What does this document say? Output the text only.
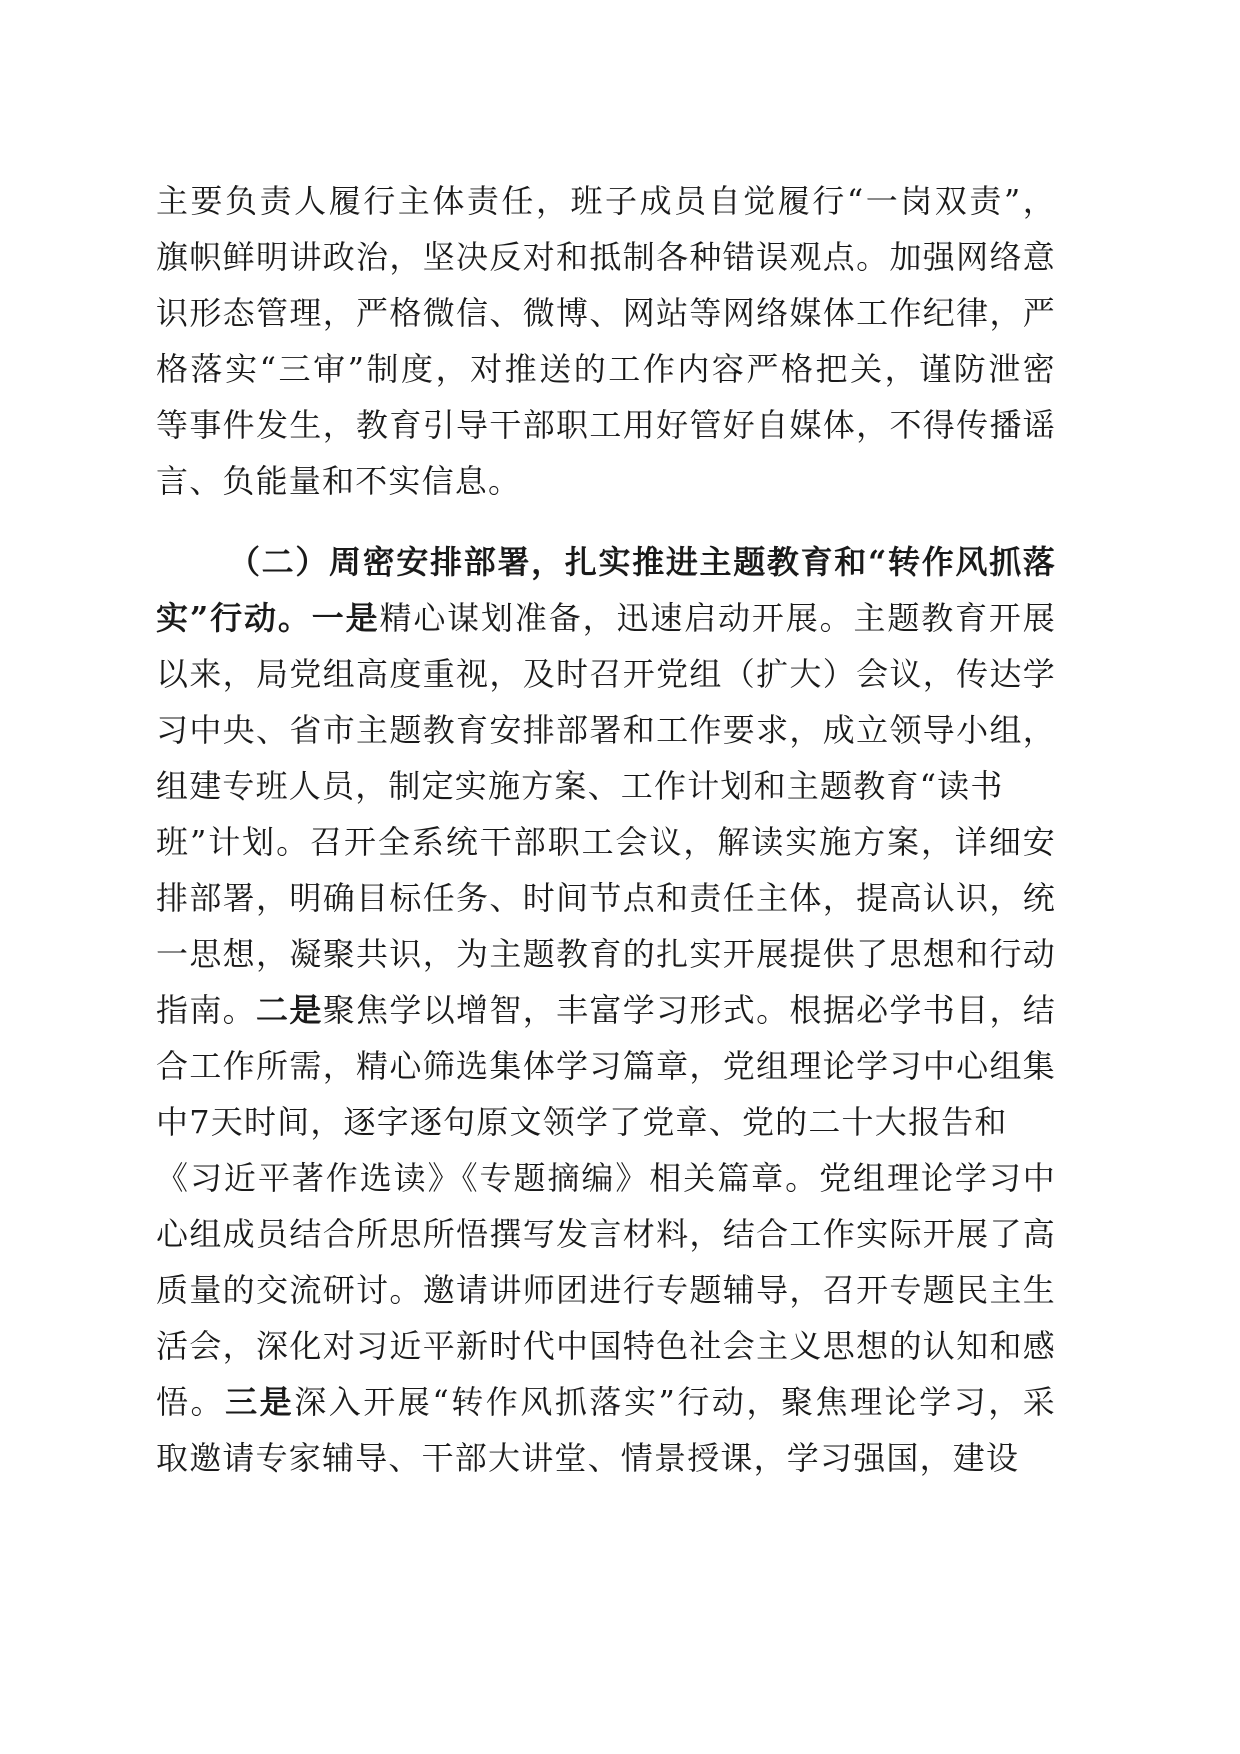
主要负责人履行主体责任，班子成员自觉履行“一岗双责”，
旗帜鲜明讲政治，坚决反对和抵制各种错误观点。加强网络意
识形态管理，严格微信、微博、网站等网络媒体工作纪律，严
格落实“三审”制度，对推送的工作内容严格把关，谨防泄密
等事件发生，教育引导干部职工用好管好自媒体，不得传播谣
言、负能量和不实信息。
（二）周密安排部署，扎实推进主题教育和“转作风抓落
实”行动。一是精心谋划准备，迅速启动开展。主题教育开展
以来，局党组高度重视，及时召开党组（扩大）会议，传达学
习中央、省市主题教育安排部署和工作要求，成立领导小组，
组建专班人员，制定实施方案、工作计划和主题教育“读书
班”计划。召开全系统干部职工会议，解读实施方案，详细安
排部署，明确目标任务、时间节点和责任主体，提高认识，统
一思想，凝聚共识，为主题教育的扎实开展提供了思想和行动
指南。二是聚焦学以增智，丰富学习形式。根据必学书目，结
合工作所需，精心筛选集体学习篇章，党组理论学习中心组集
中7天时间，逐字逐句原文领学了党章、党的二十大报告和
《习近平著作选读》《专题摘编》相关篇章。党组理论学习中
心组成员结合所思所悟撰写发言材料，结合工作实际开展了高
质量的交流研讨。邀请讲师团进行专题辅导，召开专题民主生
活会，深化对习近平新时代中国特色社会主义思想的认知和感
悟。三是深入开展“转作风抓落实”行动，聚焦理论学习，采
取邀请专家辅导、干部大讲堂、情景授课，学习强国，建设
